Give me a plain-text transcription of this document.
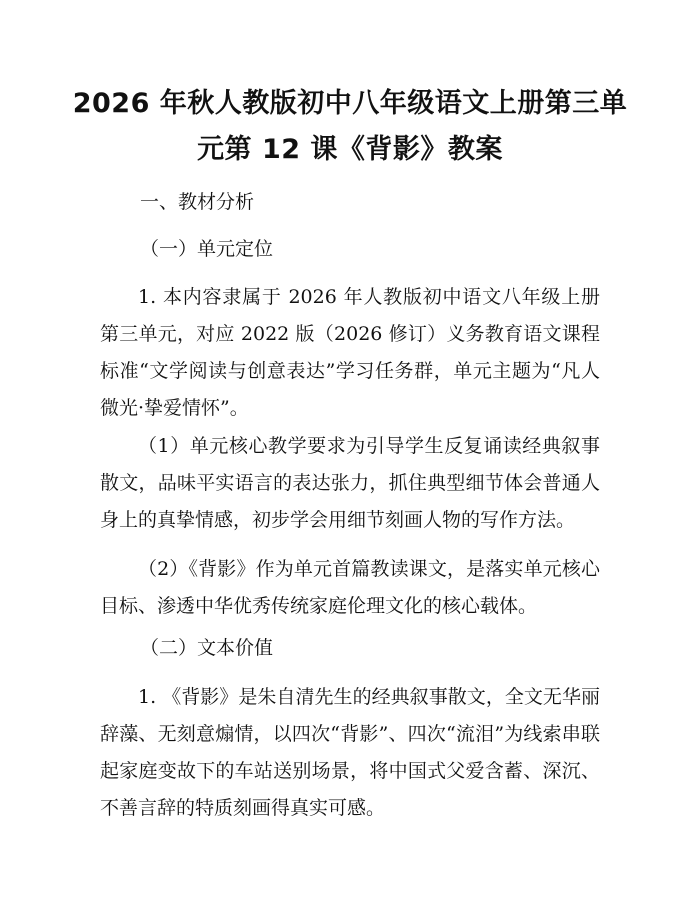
2026 年秋人教版初中八年级语文上册第三单
元第 12 课《背影》教案
一、教材分析
（一）单元定位
1. 本内容隶属于 2026 年人教版初中语文八年级上册第三单元，对应 2022 版（2026 修订）义务教育语文课程标准“文学阅读与创意表达”学习任务群，单元主题为“凡人微光·挚爱情怀”。
（1）单元核心教学要求为引导学生反复诵读经典叙事散文，品味平实语言的表达张力，抓住典型细节体会普通人身上的真挚情感，初步学会用细节刻画人物的写作方法。
（2）《背影》作为单元首篇教读课文，是落实单元核心目标、渗透中华优秀传统家庭伦理文化的核心载体。
（二）文本价值
1. 《背影》是朱自清先生的经典叙事散文，全文无华丽辞藻、无刻意煽情，以四次“背影”、四次“流泪”为线索串联起家庭变故下的车站送别场景，将中国式父爱含蓄、深沉、不善言辞的特质刻画得真实可感。
